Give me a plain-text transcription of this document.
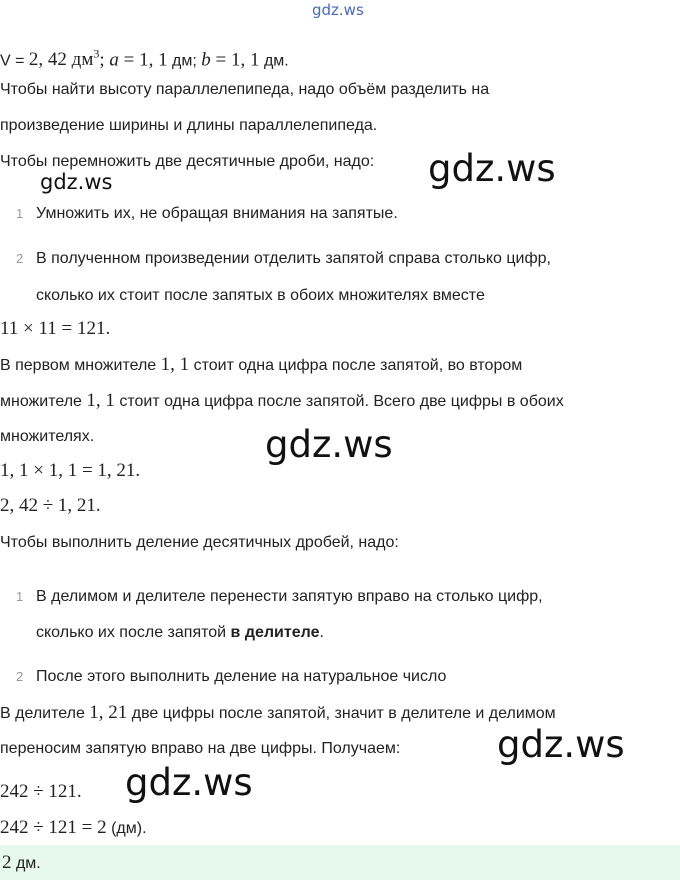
gdz.ws
V = 2, 42 $дм^3$; a = 1, 1 дм; b = 1, 1 дм.
Чтобы найти высоту параллелепипеда, надо объём разделить на
произведение ширины и длины параллелепипеда.
Чтобы перемножить две десятичные дроби, надо: gdz.ws
gdz.ws
1 Умножить их, не обращая внимания на запятые.
2 В полученном произведении отделить запятой справа столько цифр,
сколько их стоит после запятых в обоих множителях вместе
11 × 11 = 121.
В первом множителе 1, 1 стоит одна цифра после запятой, во втором
множителе 1, 1 стоит одна цифра после запятой. Всего две цифры в обоих
множителях.	gdz.ws
1, 1 × 1, 1 = 1, 21.
2, 42 ÷ 1, 21.
Чтобы выполнить деление десятичных дробей, надо:
1 В делимом и делителе перенести запятую вправо на столько цифр,
сколько их после запятой в делителе.
2 После этого выполнить деление на натуральное число
В делителе 1, 21 две цифры после запятой, значит в делителе и делимом
переносим запятую вправо на две цифры. Получаем:	gdz.ws
gdz.ws
242 ÷ 121.
242 ÷ 121 = 2 (дм).
2 дм.
